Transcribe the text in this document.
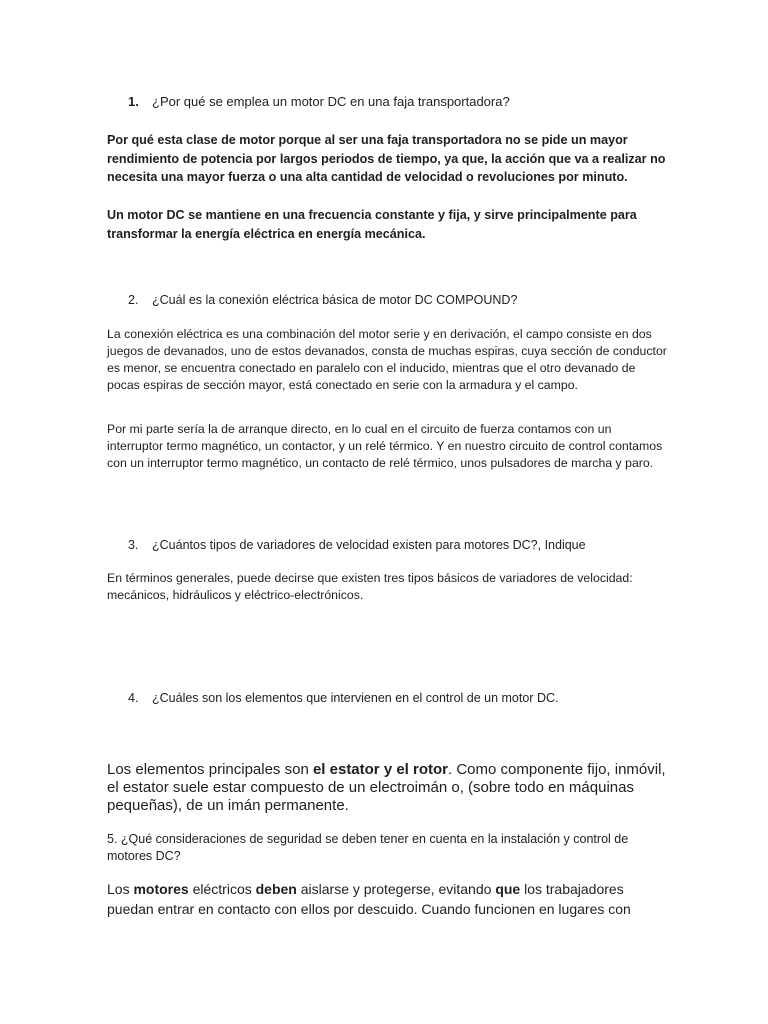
1. ¿Por qué se emplea un motor DC en una faja transportadora?

Por qué esta clase de motor porque al ser una faja transportadora no se pide un mayor rendimiento de potencia por largos periodos de tiempo, ya que, la acción que va a realizar no necesita una mayor fuerza o una alta cantidad de velocidad o revoluciones por minuto.

Un motor DC se mantiene en una frecuencia constante y fija, y sirve principalmente para transformar la energía eléctrica en energía mecánica.

2. ¿Cuál es la conexión eléctrica básica de motor DC COMPOUND?

La conexión eléctrica es una combinación del motor serie y en derivación, el campo consiste en dos juegos de devanados, uno de estos devanados, consta de muchas espiras, cuya sección de conductor es menor, se encuentra conectado en paralelo con el inducido, mientras que el otro devanado de pocas espiras de sección mayor, está conectado en serie con la armadura y el campo.

Por mi parte sería la de arranque directo, en lo cual en el circuito de fuerza contamos con un interruptor termo magnético, un contactor, y un relé térmico. Y en nuestro circuito de control contamos con un interruptor termo magnético, un contacto de relé térmico, unos pulsadores de marcha y paro.

3. ¿Cuántos tipos de variadores de velocidad existen para motores DC?, Indique

En términos generales, puede decirse que existen tres tipos básicos de variadores de velocidad: mecánicos, hidráulicos y eléctrico-electrónicos.

4. ¿Cuáles son los elementos que intervienen en el control de un motor DC.

Los elementos principales son el estator y el rotor. Como componente fijo, inmóvil, el estator suele estar compuesto de un electroimán o, (sobre todo en máquinas pequeñas), de un imán permanente.

5. ¿Qué consideraciones de seguridad se deben tener en cuenta en la instalación y control de motores DC?

Los motores eléctricos deben aislarse y protegerse, evitando que los trabajadores puedan entrar en contacto con ellos por descuido. Cuando funcionen en lugares con
